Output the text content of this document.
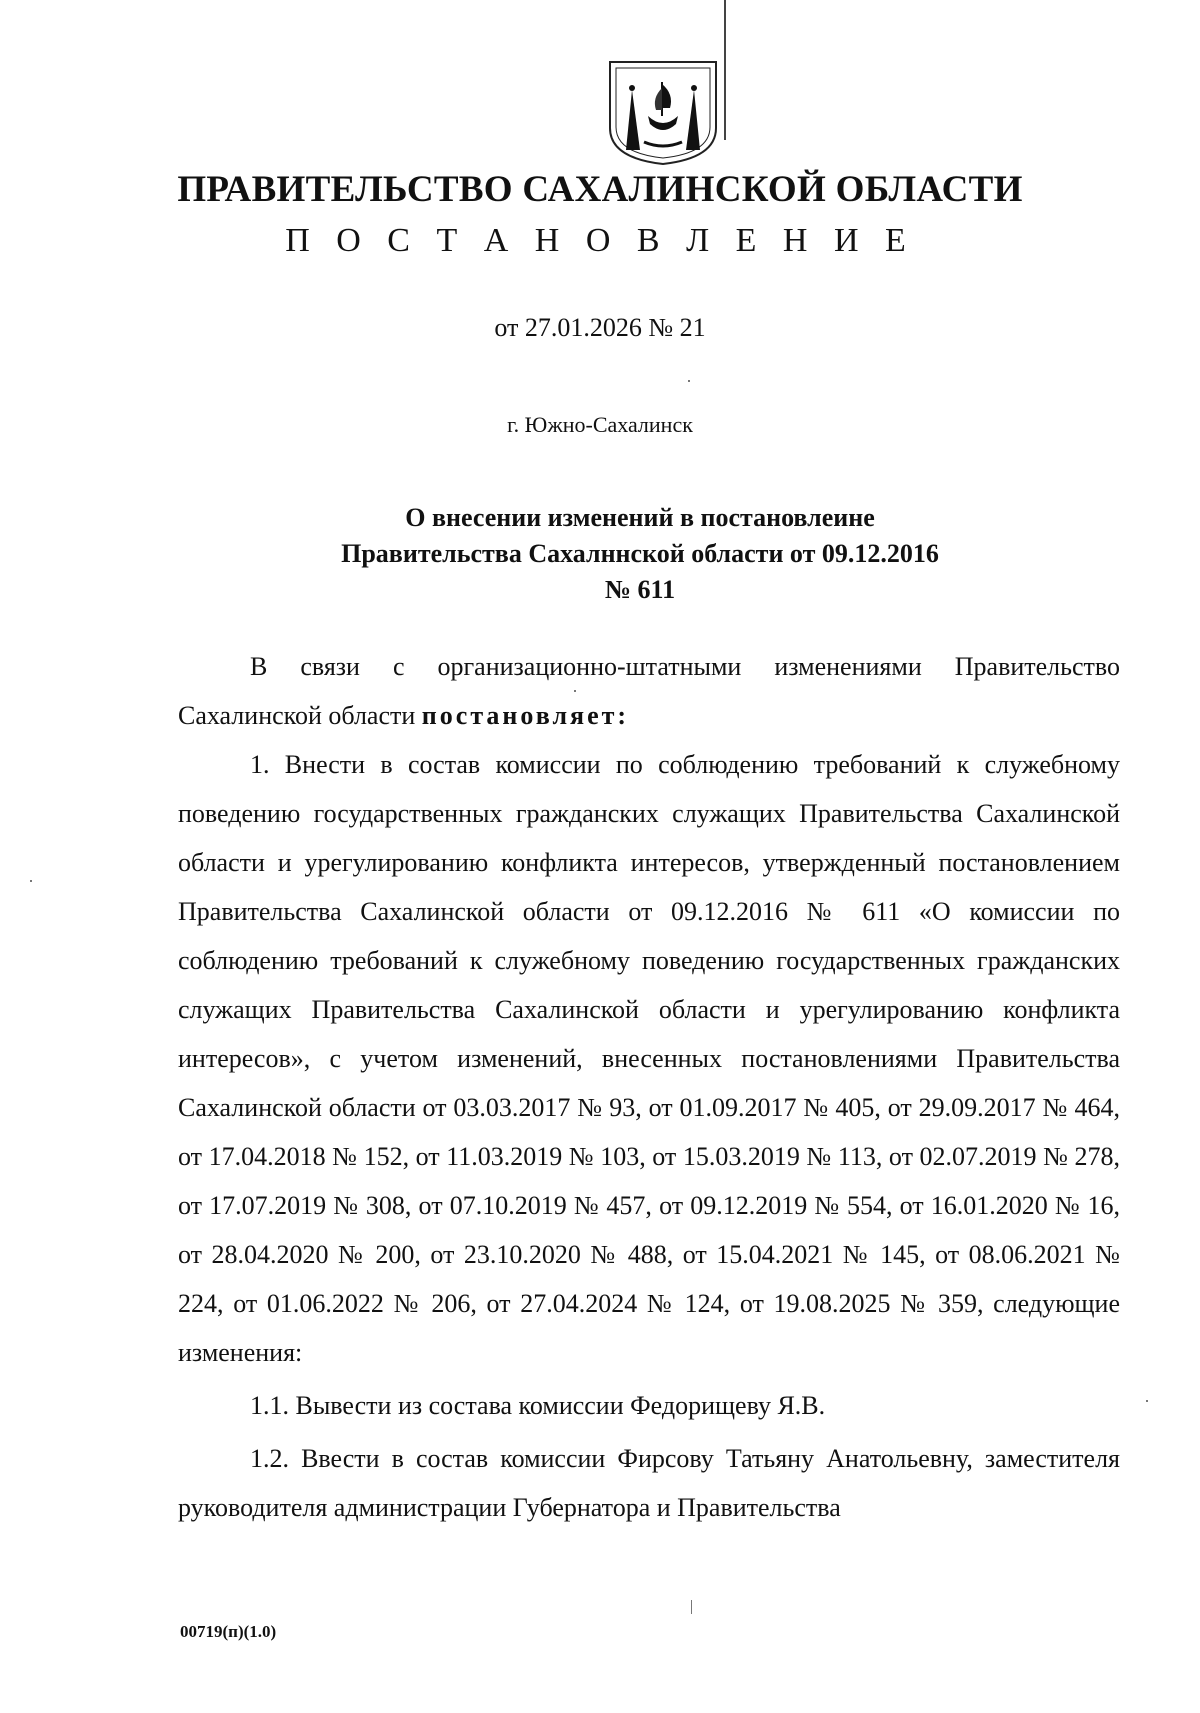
ПРАВИТЕЛЬСТВО САХАЛИНСКОЙ ОБЛАСТИ
П О С Т А Н О В Л Е Н И Е
от 27.01.2026 № 21
г. Южно-Сахалинск
О внесении изменений в постановлеине
Правительства Сахалннской области от 09.12.2016
№ 611

В связи с организационно-штатными изменениями Правительство Сахалинской области постановляет:

1. Внести в состав комиссии по соблюдению требований к служебному поведению государственных гражданских служащих Правительства Сахалинской области и урегулированию конфликта интересов, утвержденный постановлением Правительства Сахалинской области от 09.12.2016 № 611 «О комиссии по соблюдению требований к служебному поведению государственных гражданских служащих Правительства Сахалинской области и урегулированию конфликта интересов», с учетом изменений, внесенных постановлениями Правительства Сахалинской области от 03.03.2017 № 93, от 01.09.2017 № 405, от 29.09.2017 № 464, от 17.04.2018 № 152, от 11.03.2019 № 103, от 15.03.2019 № 113, от 02.07.2019 № 278, от 17.07.2019 № 308, от 07.10.2019 № 457, от 09.12.2019 № 554, от 16.01.2020 № 16, от 28.04.2020 № 200, от 23.10.2020 № 488, от 15.04.2021 № 145, от 08.06.2021 № 224, от 01.06.2022 № 206, от 27.04.2024 № 124, от 19.08.2025 № 359, следующие изменения:

1.1. Вывести из состава комиссии Федорищеву Я.В.

1.2. Ввести в состав комиссии Фирсову Татьяну Анатольевну, заместителя руководителя администрации Губернатора и Правительства

00719(п)(1.0)
